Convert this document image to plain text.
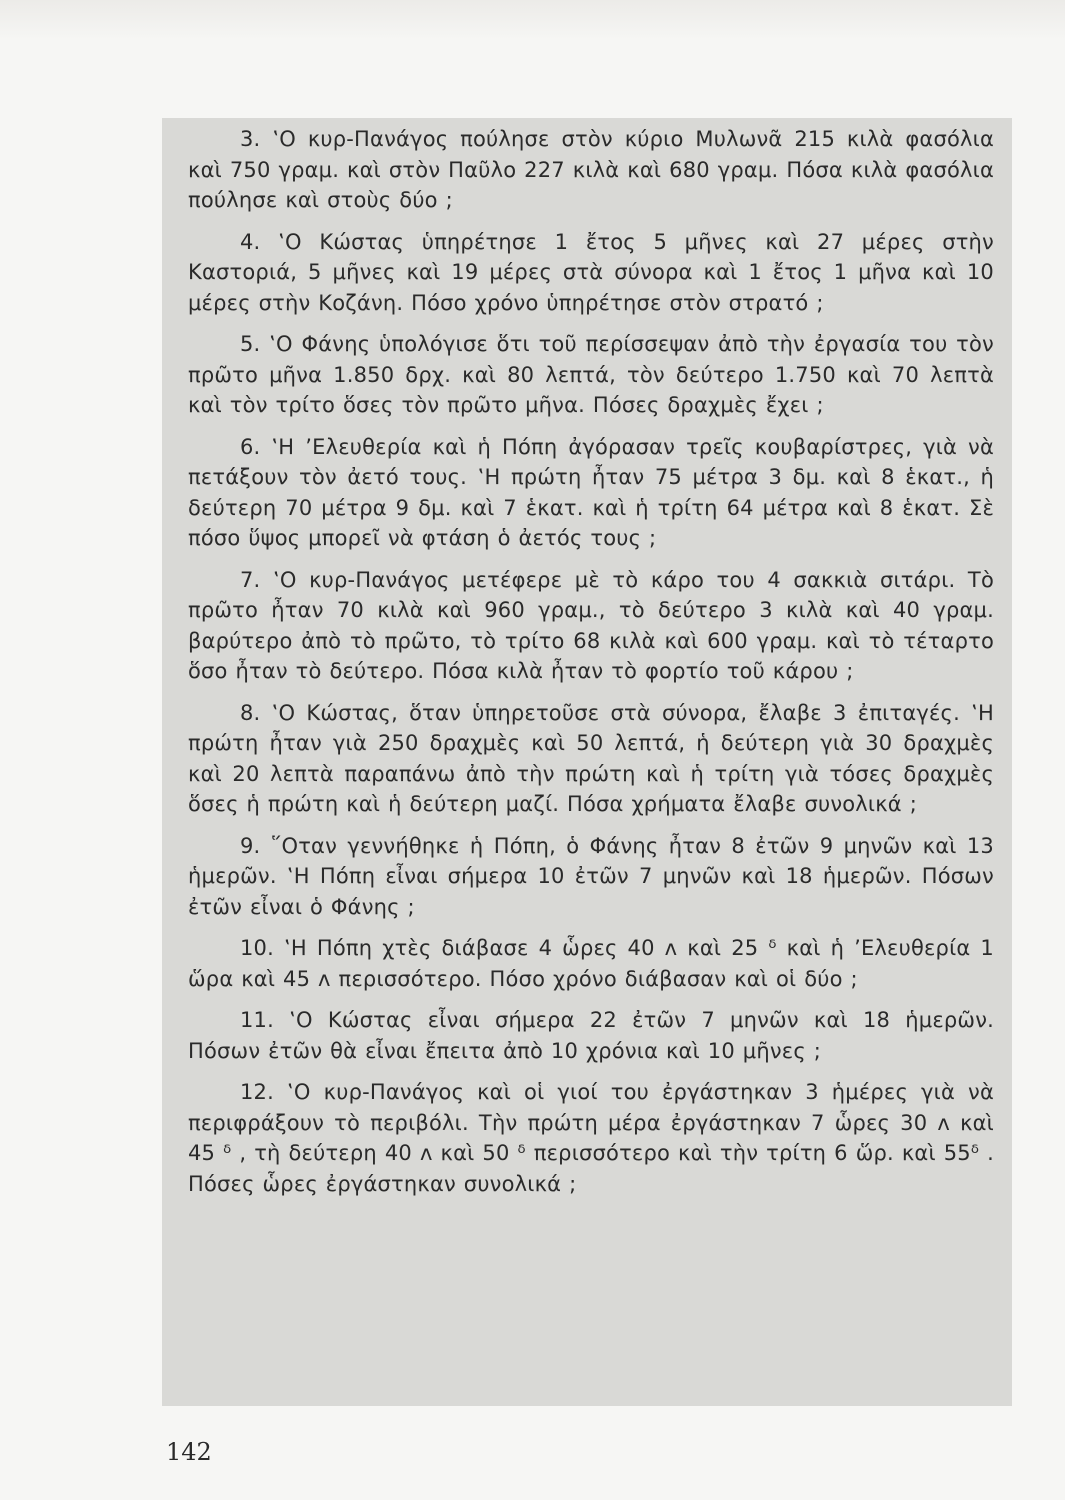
3. ‛Ο κυρ-Πανάγος πούλησε στὸν κύριο Μυλωνᾶ 215 κιλὰ φασόλια καὶ 750 γραμ. καὶ στὸν Παῦλο 227 κιλὰ καὶ 680 γραμ. Πόσα κιλὰ φασόλια πούλησε καὶ στοὺς δύο ;

4. ‛Ο Κώστας ὑπηρέτησε 1 ἔτος 5 μῆνες καὶ 27 μέρες στὴν Καστοριά, 5 μῆνες καὶ 19 μέρες στὰ σύνορα καὶ 1 ἔτος 1 μῆνα καὶ 10 μέρες στὴν Κοζάνη. Πόσο χρόνο ὑπηρέτησε στὸν στρατό ;

5. ‛Ο Φάνης ὑπολόγισε ὅτι τοῦ περίσσεψαν ἀπὸ τὴν ἐργασία του τὸν πρῶτο μῆνα 1.850 δρχ. καὶ 80 λεπτά, τὸν δεύτερο 1.750 καὶ 70 λεπτὰ καὶ τὸν τρίτο ὅσες τὸν πρῶτο μῆνα. Πόσες δραχμὲς ἔχει ;

6. ‛Η ’Ελευθερία καὶ ἡ Πόπη ἀγόρασαν τρεῖς κουβαρίστρες, γιὰ νὰ πετάξουν τὸν ἀετό τους. ‛Η πρώτη ἦταν 75 μέτρα 3 δμ. καὶ 8 ἑκατ., ἡ δεύτερη 70 μέτρα 9 δμ. καὶ 7 ἑκατ. καὶ ἡ τρίτη 64 μέτρα καὶ 8 ἑκατ. Σὲ πόσο ὕψος μπορεῖ νὰ φτάση ὁ ἀετός τους ;

7. ‛Ο κυρ-Πανάγος μετέφερε μὲ τὸ κάρο του 4 σακκιὰ σιτάρι. Τὸ πρῶτο ἦταν 70 κιλὰ καὶ 960 γραμ., τὸ δεύτερο 3 κιλὰ καὶ 40 γραμ. βαρύτερο ἀπὸ τὸ πρῶτο, τὸ τρίτο 68 κιλὰ καὶ 600 γραμ. καὶ τὸ τέταρτο ὅσο ἦταν τὸ δεύτερο. Πόσα κιλὰ ἦταν τὸ φορτίο τοῦ κάρου ;

8. ‛Ο Κώστας, ὅταν ὑπηρετοῦσε στὰ σύνορα, ἔλαβε 3 ἐπιταγές. ‛Η πρώτη ἦταν γιὰ 250 δραχμὲς καὶ 50 λεπτά, ἡ δεύτερη γιὰ 30 δραχμὲς καὶ 20 λεπτὰ παραπάνω ἀπὸ τὴν πρώτη καὶ ἡ τρίτη γιὰ τόσες δραχμὲς ὅσες ἡ πρώτη καὶ ἡ δεύτερη μαζί. Πόσα χρήματα ἔλαβε συνολικά ;

9. ῞Οταν γεννήθηκε ἡ Πόπη, ὁ Φάνης ἦταν 8 ἐτῶν 9 μηνῶν καὶ 13 ἡμερῶν. ‛Η Πόπη εἶναι σήμερα 10 ἐτῶν 7 μηνῶν καὶ 18 ἡμερῶν. Πόσων ἐτῶν εἶναι ὁ Φάνης ;

10. ‛Η Πόπη χτὲς διάβασε 4 ὧρες 40 ᴧ καὶ 25 ᵟ καὶ ἡ ’Ελευθερία 1 ὥρα καὶ 45 ᴧ περισσότερο. Πόσο χρόνο διάβασαν καὶ οἱ δύο ;

11. ‛Ο Κώστας εἶναι σήμερα 22 ἐτῶν 7 μηνῶν καὶ 18 ἡμερῶν. Πόσων ἐτῶν θὰ εἶναι ἔπειτα ἀπὸ 10 χρόνια καὶ 10 μῆνες ;

12. ‛Ο κυρ-Πανάγος καὶ οἱ γιοί του ἐργάστηκαν 3 ἡμέρες γιὰ νὰ περιφράξουν τὸ περιβόλι. Τὴν πρώτη μέρα ἐργάστηκαν 7 ὧρες 30 ᴧ καὶ 45 ᵟ , τὴ δεύτερη 40 ᴧ καὶ 50 ᵟ περισσότερο καὶ τὴν τρίτη 6 ὥρ. καὶ 55ᵟ . Πόσες ὧρες ἐργάστηκαν συνολικά ;

142
